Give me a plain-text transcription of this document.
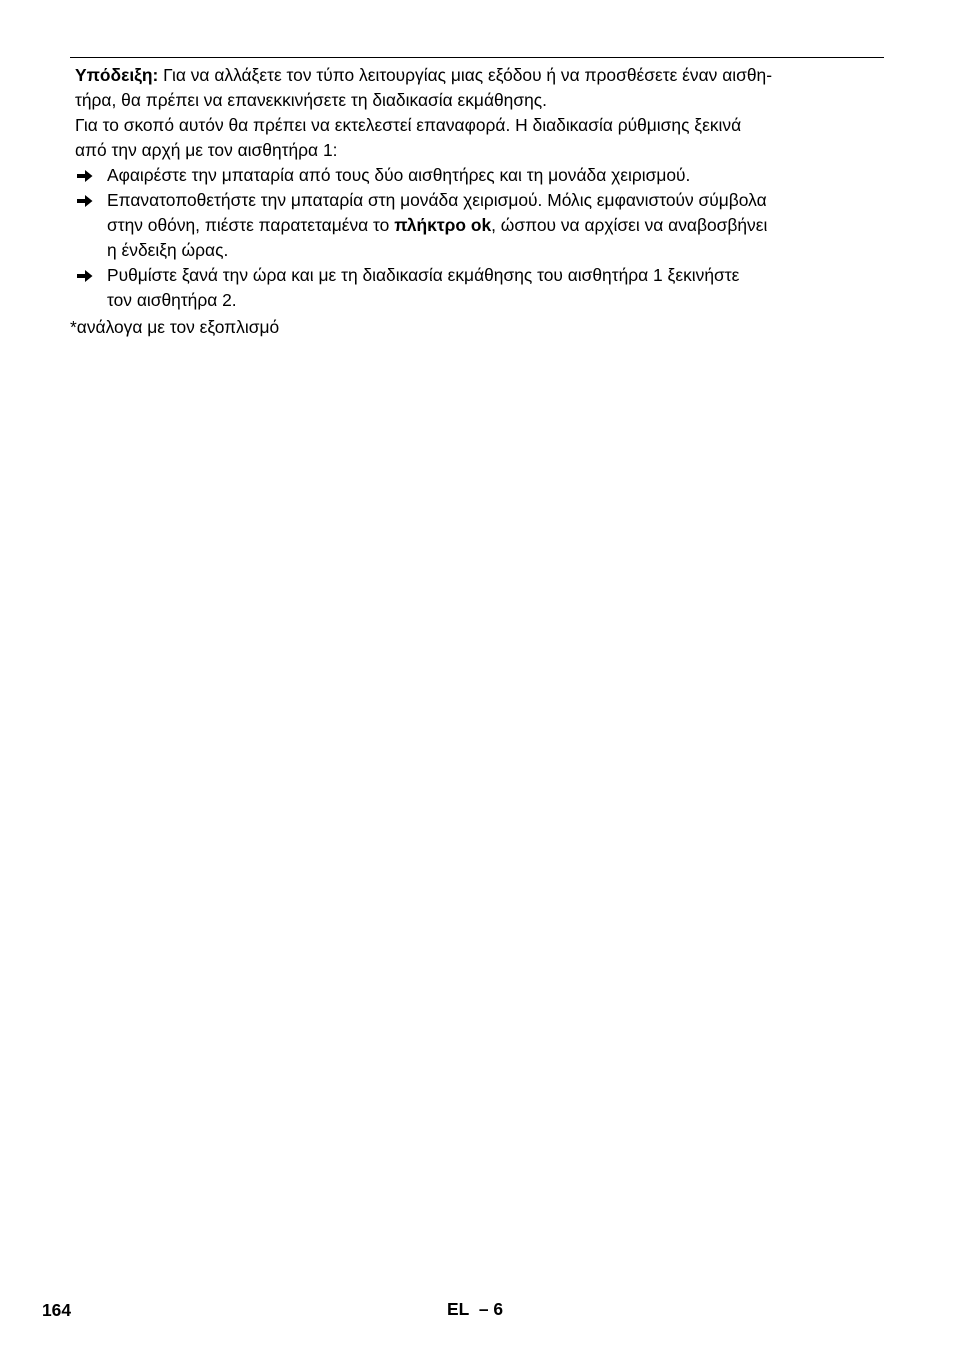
Υπόδειξη: Για να αλλάξετε τον τύπο λειτουργίας μιας εξόδου ή να προσθέσετε έναν αισθη-
τήρα, θα πρέπει να επανεκκινήσετε τη διαδικασία εκμάθησης.

Για το σκοπό αυτόν θα πρέπει να εκτελεστεί επαναφορά. Η διαδικασία ρύθμισης ξεκινά
από την αρχή με τον αισθητήρα 1:

Αφαιρέστε την μπαταρία από τους δύο αισθητήρες και τη μονάδα χειρισμού.
Επανατοποθετήστε την μπαταρία στη μονάδα χειρισμού. Μόλις εμφανιστούν σύμβολα
στην οθόνη, πιέστε παρατεταμένα το πλήκτρο ok, ώσπου να αρχίσει να αναβοσβήνει
η ένδειξη ώρας.
Ρυθμίστε ξανά την ώρα και με τη διαδικασία εκμάθησης του αισθητήρα 1 ξεκινήστε
τον αισθητήρα 2.
*ανάλογα με τον εξοπλισμό
164	EL – 6
